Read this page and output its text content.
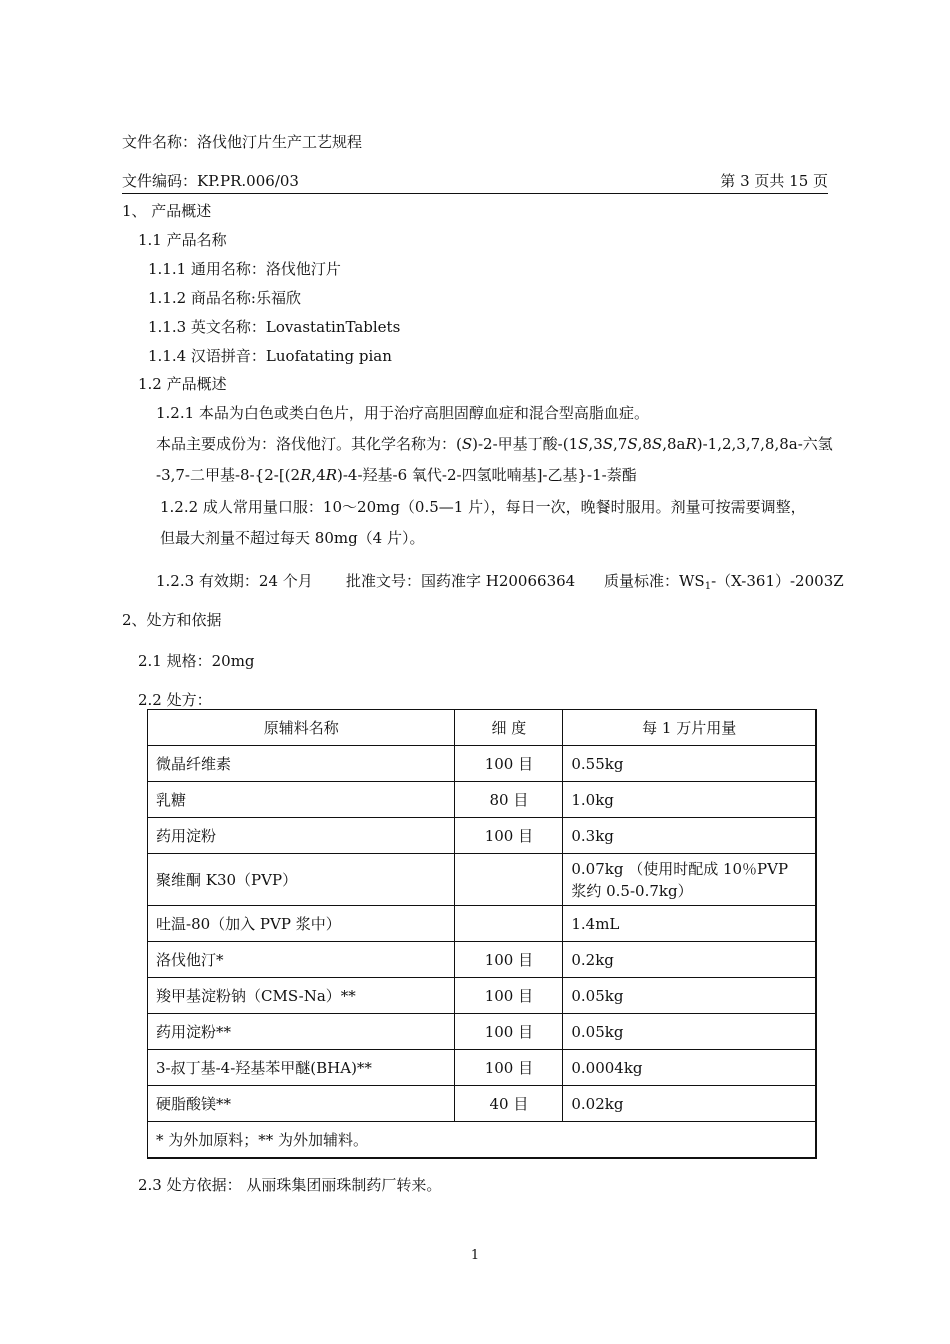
文件名称：洛伐他汀片生产工艺规程
文件编码：KP.PR.006/03	第 3 页共 15 页
1、 产品概述
1.1 产品名称
1.1.1 通用名称：洛伐他汀片
1.1.2 商品名称:乐福欣
1.1.3 英文名称：LovastatinTablets
1.1.4 汉语拼音：Luofatating pian
1.2 产品概述
1.2.1 本品为白色或类白色片，用于治疗高胆固醇血症和混合型高脂血症。
本品主要成份为：洛伐他汀。其化学名称为：(S)-2-甲基丁酸-(1S,3S,7S,8S,8aR)-1,2,3,7,8,8a-六氢
-3,7-二甲基-8-{2-[(2R,4R)-4-羟基-6 氧代-2-四氢吡喃基]-乙基}-1-萘酯
1.2.2 成人常用量口服：10～20mg（0.5—1 片），每日一次，晚餐时服用。剂量可按需要调整，
但最大剂量不超过每天 80mg（4 片）。
1.2.3 有效期：24 个月 批准文号：国药准字 H20066364 质量标准：$WS_1-(X-361)-2003Z$
2、处方和依据
2.1 规格：20mg
2.2 处方：
原辅料名称	细 度	每 1 万片用量
微晶纤维素	100 目	0.55kg
乳糖	80 目	1.0kg
药用淀粉	100 目	0.3kg
聚维酮 K30（PVP）		0.07kg （使用时配成 10％PVP 浆约 0.5-0.7kg）
吐温-80（加入 PVP 浆中）		1.4mL
洛伐他汀*	100 目	0.2kg
羧甲基淀粉钠（CMS-Na）**	100 目	0.05kg
药用淀粉**	100 目	0.05kg
3-叔丁基-4-羟基苯甲醚(BHA)**	100 目	0.0004kg
硬脂酸镁**	40 目	0.02kg
* 为外加原料；** 为外加辅料。		
2.3 处方依据： 从丽珠集团丽珠制药厂转来。
1
